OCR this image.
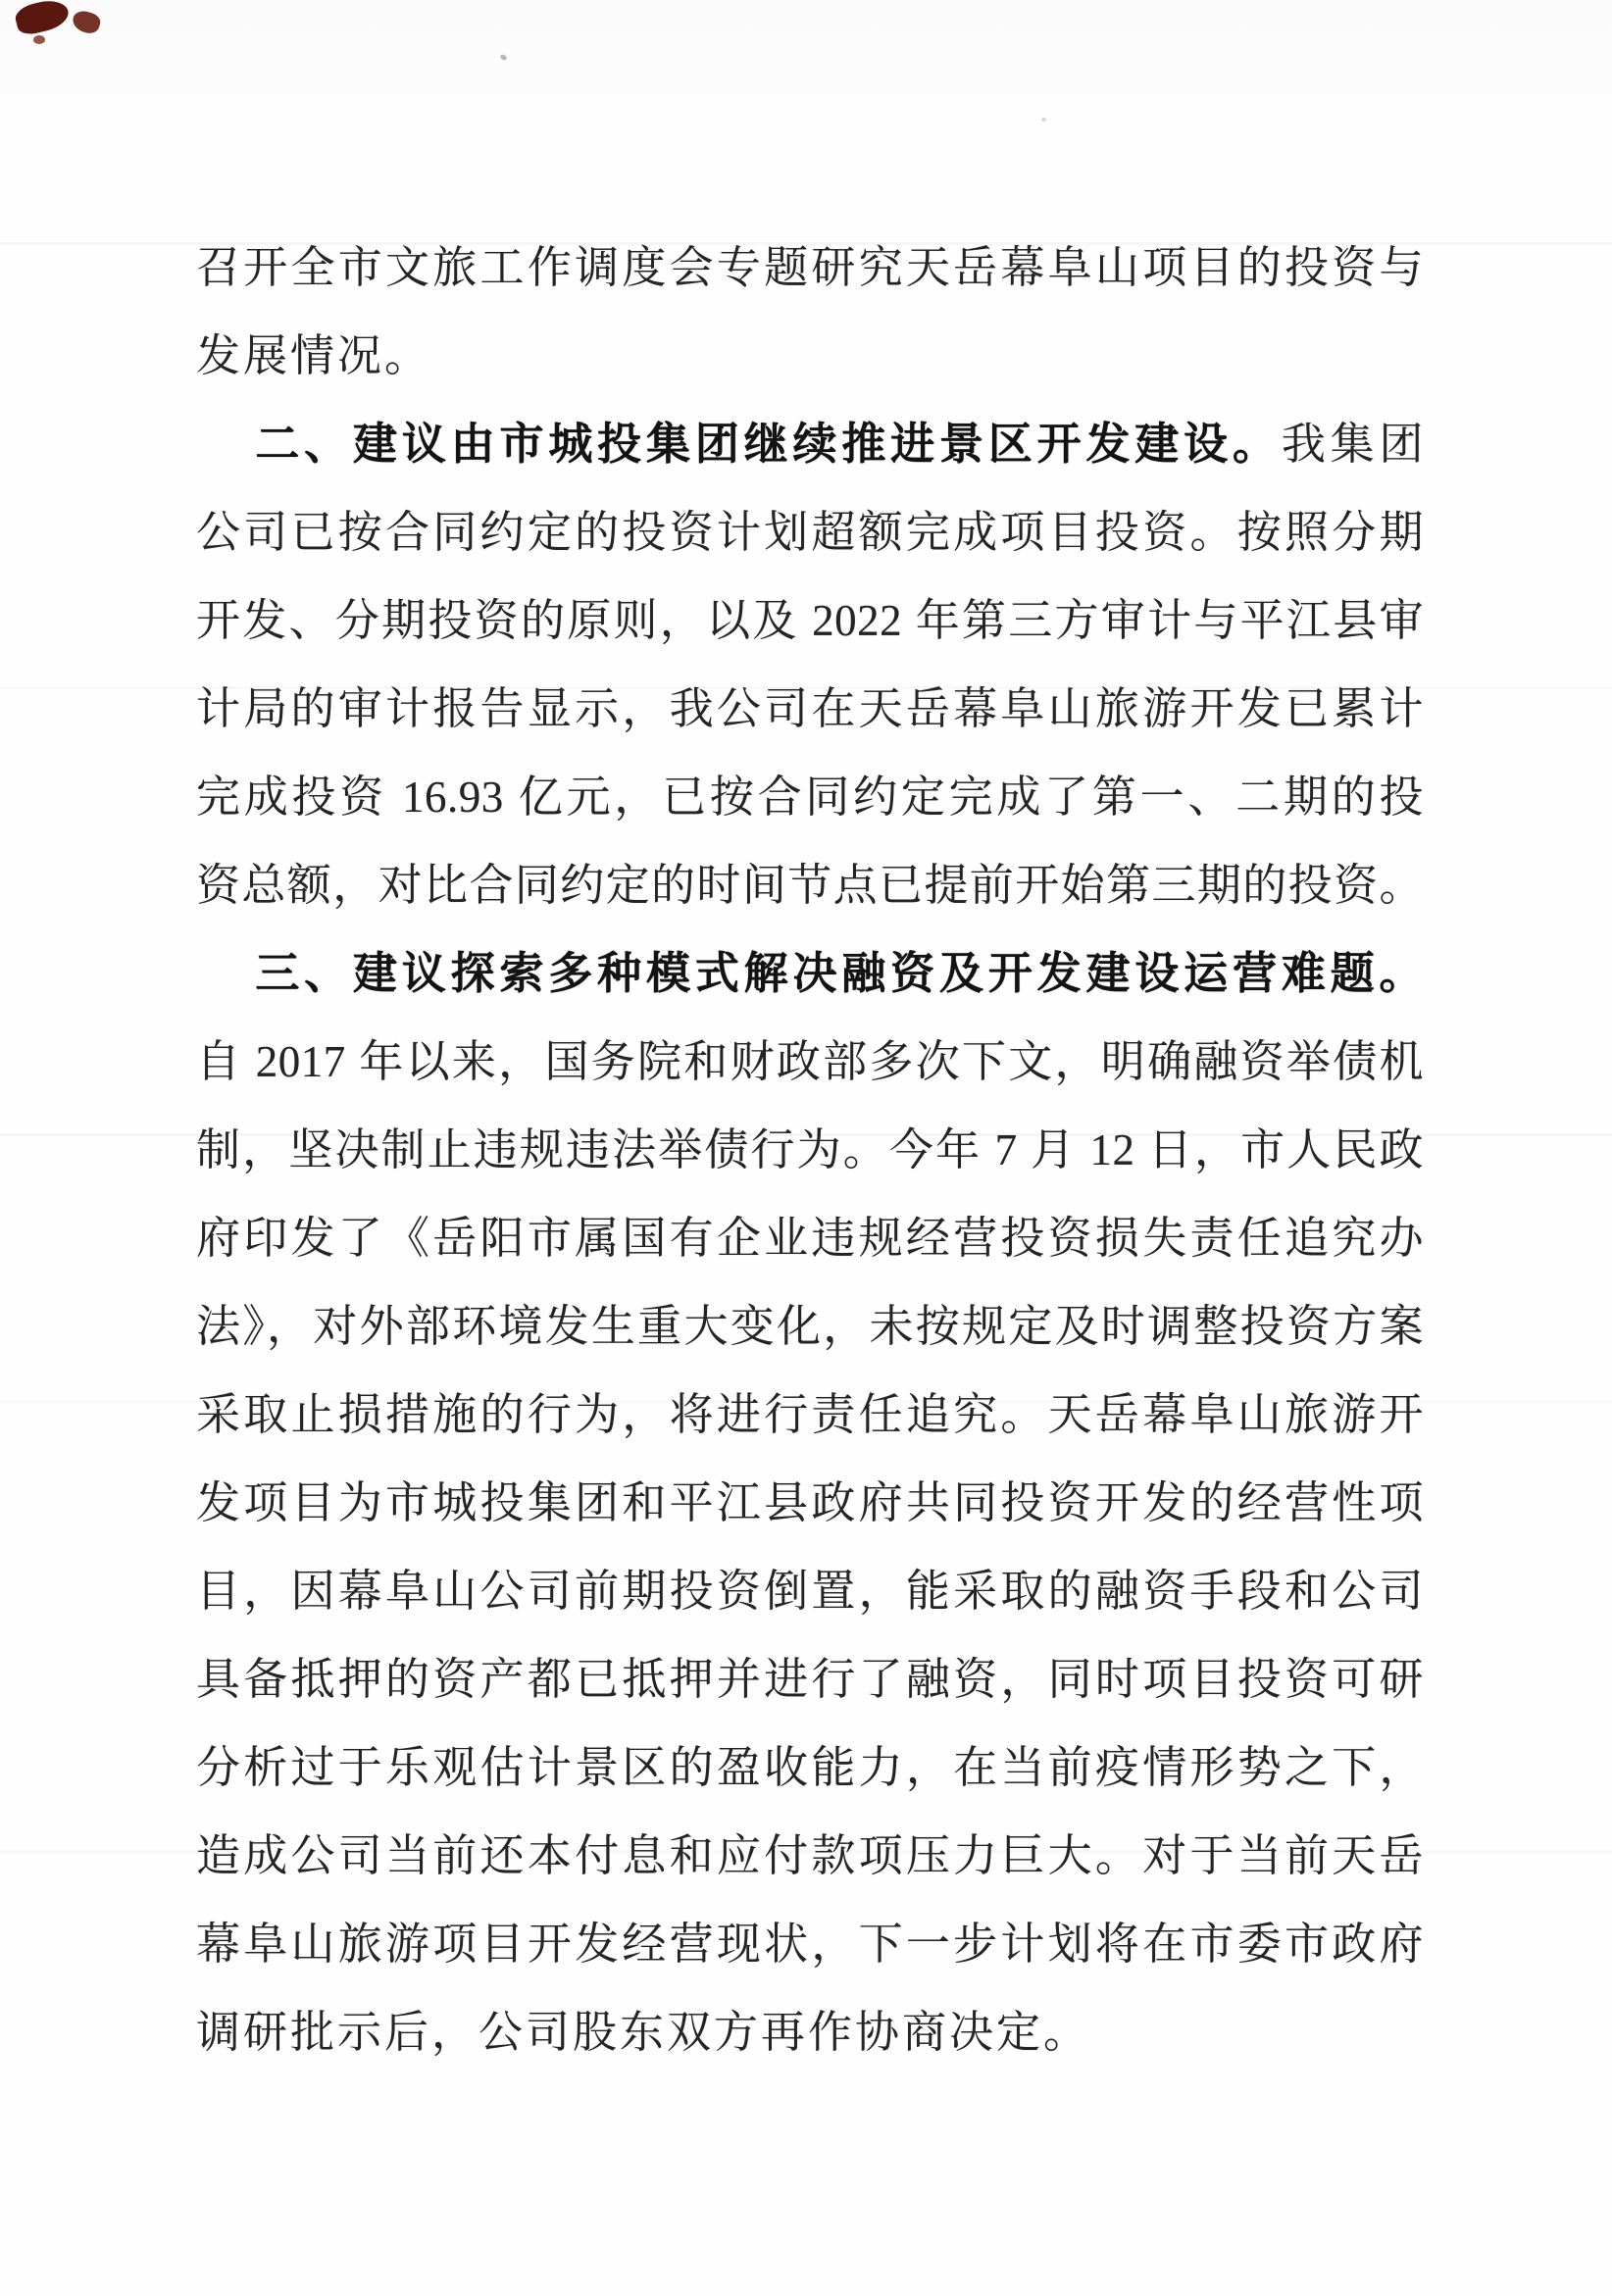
召开全市文旅工作调度会专题研究天岳幕阜山项目的投资与
发展情况。
二、建议由市城投集团继续推进景区开发建设。我集团
公司已按合同约定的投资计划超额完成项目投资。按照分期
开发、分期投资的原则，以及 2022 年第三方审计与平江县审
计局的审计报告显示，我公司在天岳幕阜山旅游开发已累计
完成投资 16.93 亿元，已按合同约定完成了第一、二期的投
资总额，对比合同约定的时间节点已提前开始第三期的投资。
三、建议探索多种模式解决融资及开发建设运营难题。
自 2017 年以来，国务院和财政部多次下文，明确融资举债机
制，坚决制止违规违法举债行为。今年 7 月 12 日，市人民政
府印发了《岳阳市属国有企业违规经营投资损失责任追究办
法》，对外部环境发生重大变化，未按规定及时调整投资方案
采取止损措施的行为，将进行责任追究。天岳幕阜山旅游开
发项目为市城投集团和平江县政府共同投资开发的经营性项
目，因幕阜山公司前期投资倒置，能采取的融资手段和公司
具备抵押的资产都已抵押并进行了融资，同时项目投资可研
分析过于乐观估计景区的盈收能力，在当前疫情形势之下，
造成公司当前还本付息和应付款项压力巨大。对于当前天岳
幕阜山旅游项目开发经营现状，下一步计划将在市委市政府
调研批示后，公司股东双方再作协商决定。
